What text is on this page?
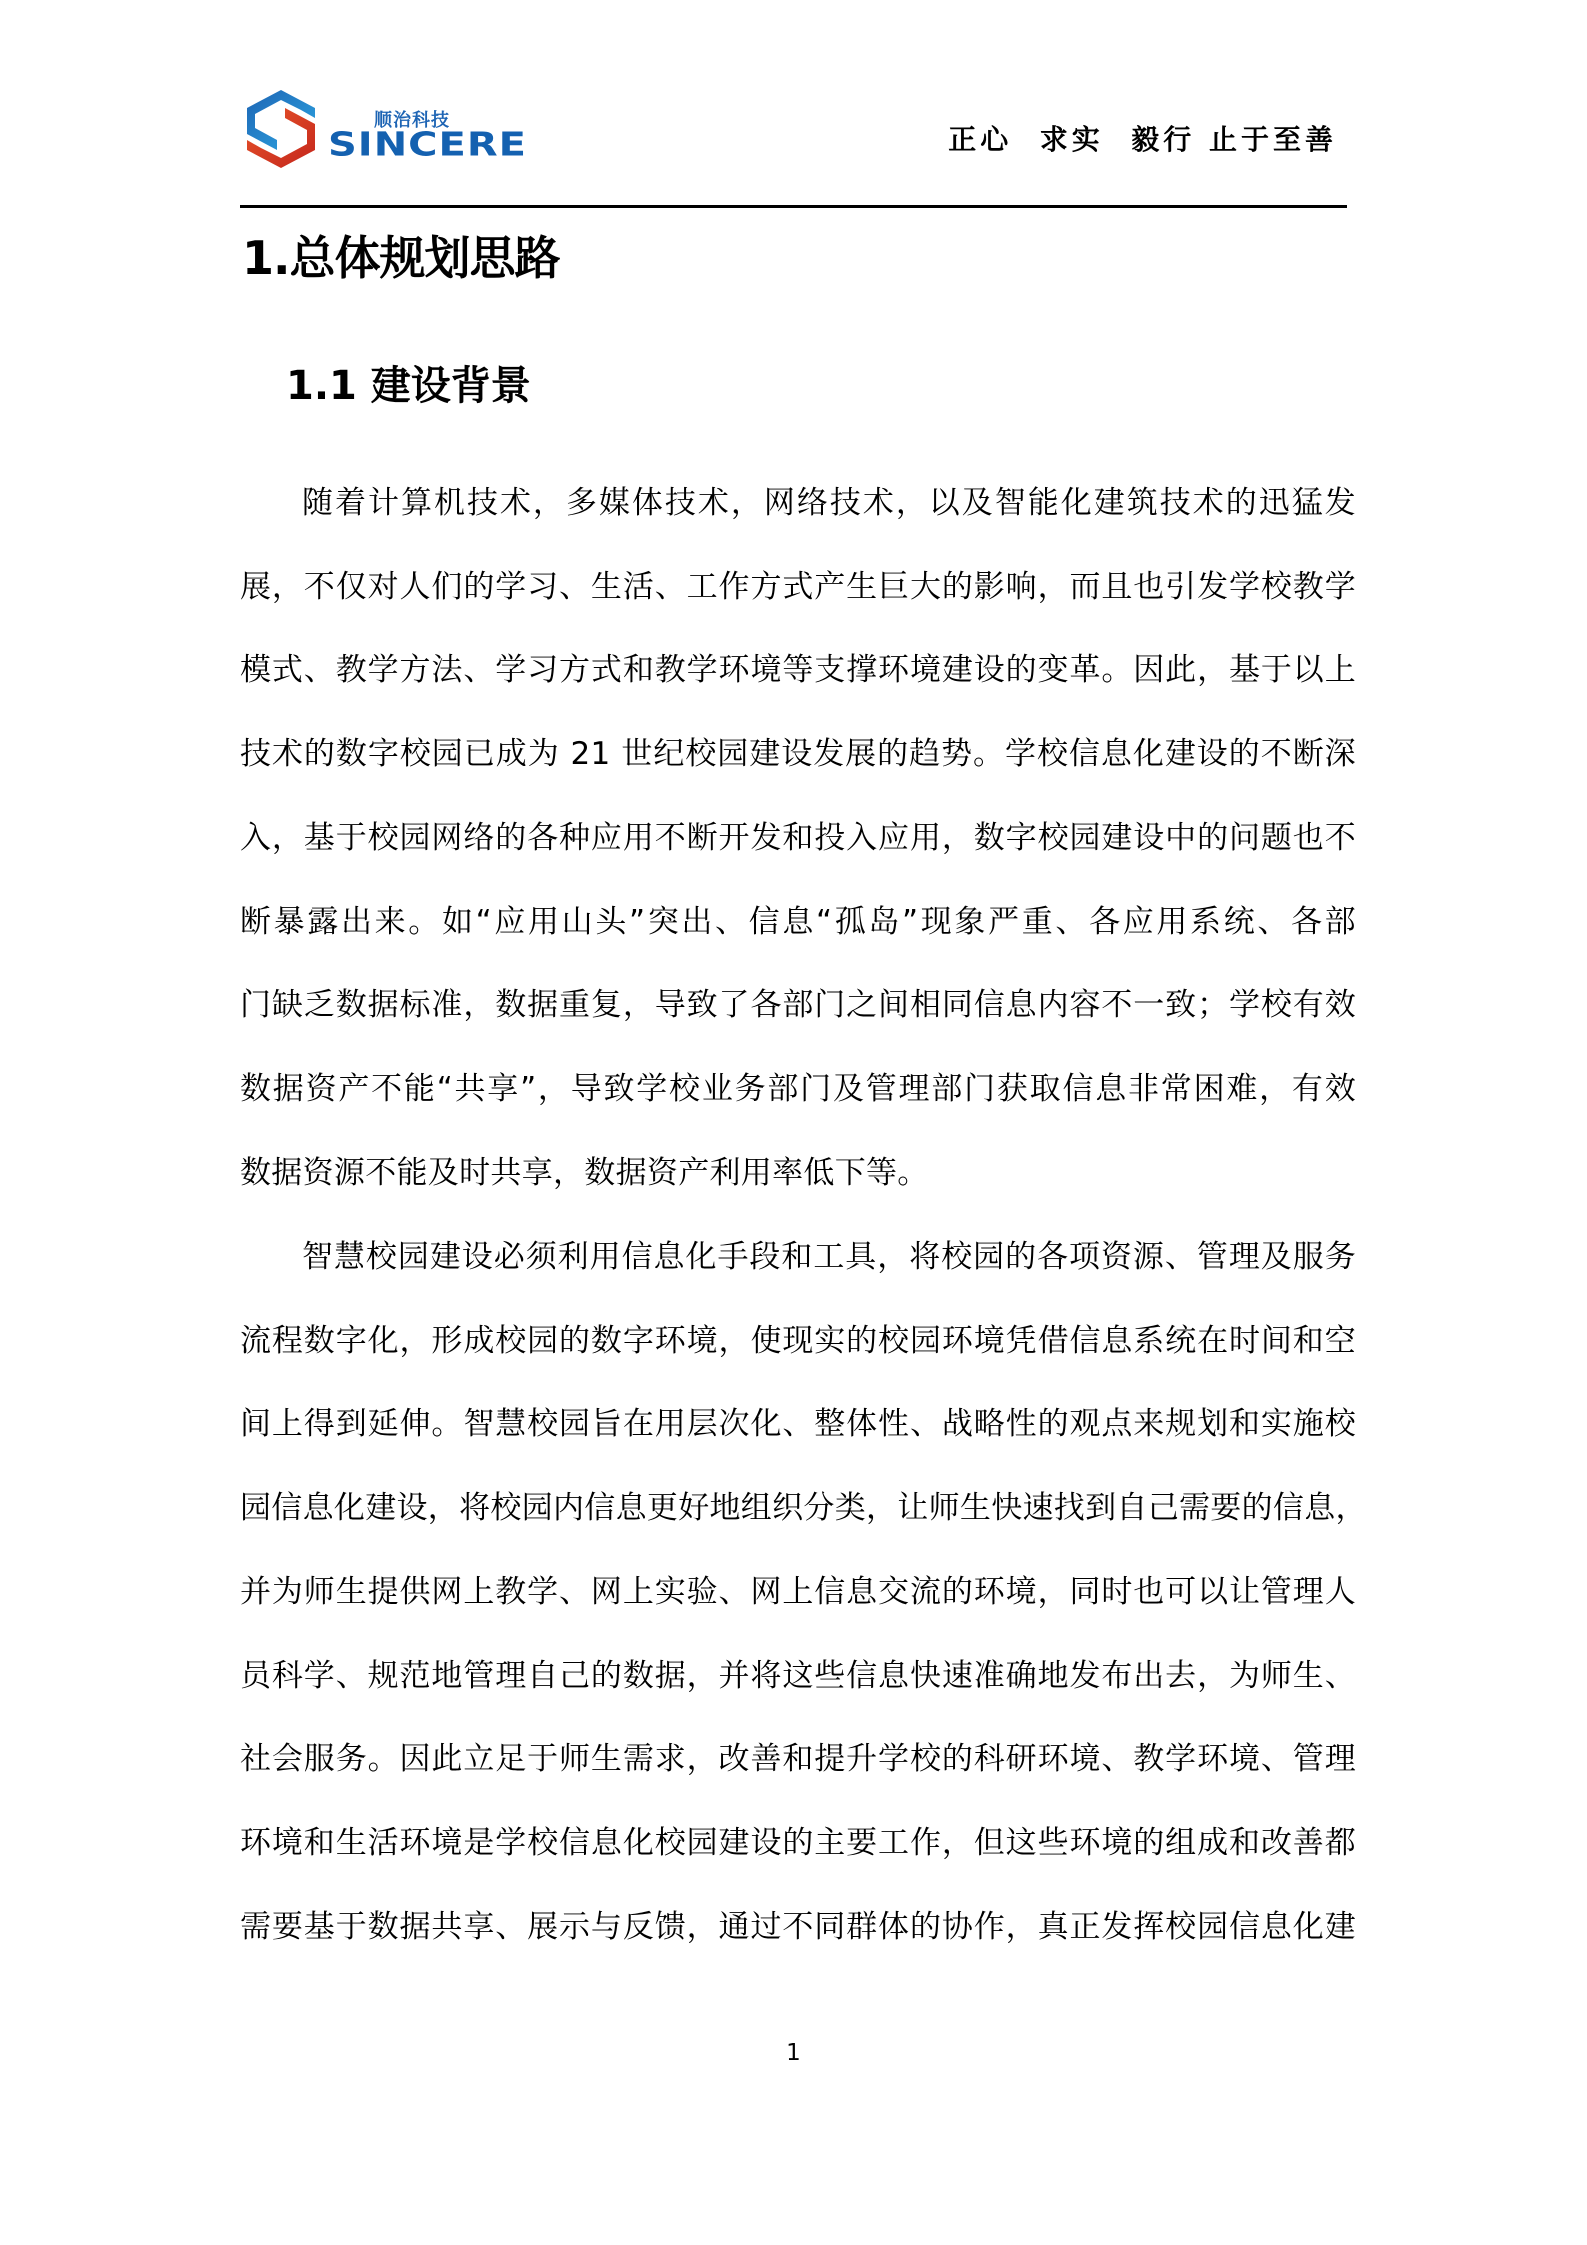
顺治科技
SINCERE	正心  求实  毅行 止于至善
1.总体规划思路
1.1 建设背景
随着计算机技术，多媒体技术，网络技术，以及智能化建筑技术的迅猛发
展，不仅对人们的学习、生活、工作方式产生巨大的影响，而且也引发学校教学
模式、教学方法、学习方式和教学环境等支撑环境建设的变革。因此，基于以上
技术的数字校园已成为 21 世纪校园建设发展的趋势。学校信息化建设的不断深
入，基于校园网络的各种应用不断开发和投入应用，数字校园建设中的问题也不
断暴露出来。如“应用山头”突出、信息“孤岛”现象严重、各应用系统、各部
门缺乏数据标准，数据重复，导致了各部门之间相同信息内容不一致；学校有效
数据资产不能“共享”，导致学校业务部门及管理部门获取信息非常困难，有效
数据资源不能及时共享，数据资产利用率低下等。
智慧校园建设必须利用信息化手段和工具，将校园的各项资源、管理及服务
流程数字化，形成校园的数字环境，使现实的校园环境凭借信息系统在时间和空
间上得到延伸。智慧校园旨在用层次化、整体性、战略性的观点来规划和实施校
园信息化建设，将校园内信息更好地组织分类，让师生快速找到自己需要的信息，
并为师生提供网上教学、网上实验、网上信息交流的环境，同时也可以让管理人
员科学、规范地管理自己的数据，并将这些信息快速准确地发布出去，为师生、
社会服务。因此立足于师生需求，改善和提升学校的科研环境、教学环境、管理
环境和生活环境是学校信息化校园建设的主要工作，但这些环境的组成和改善都
需要基于数据共享、展示与反馈，通过不同群体的协作，真正发挥校园信息化建
1
